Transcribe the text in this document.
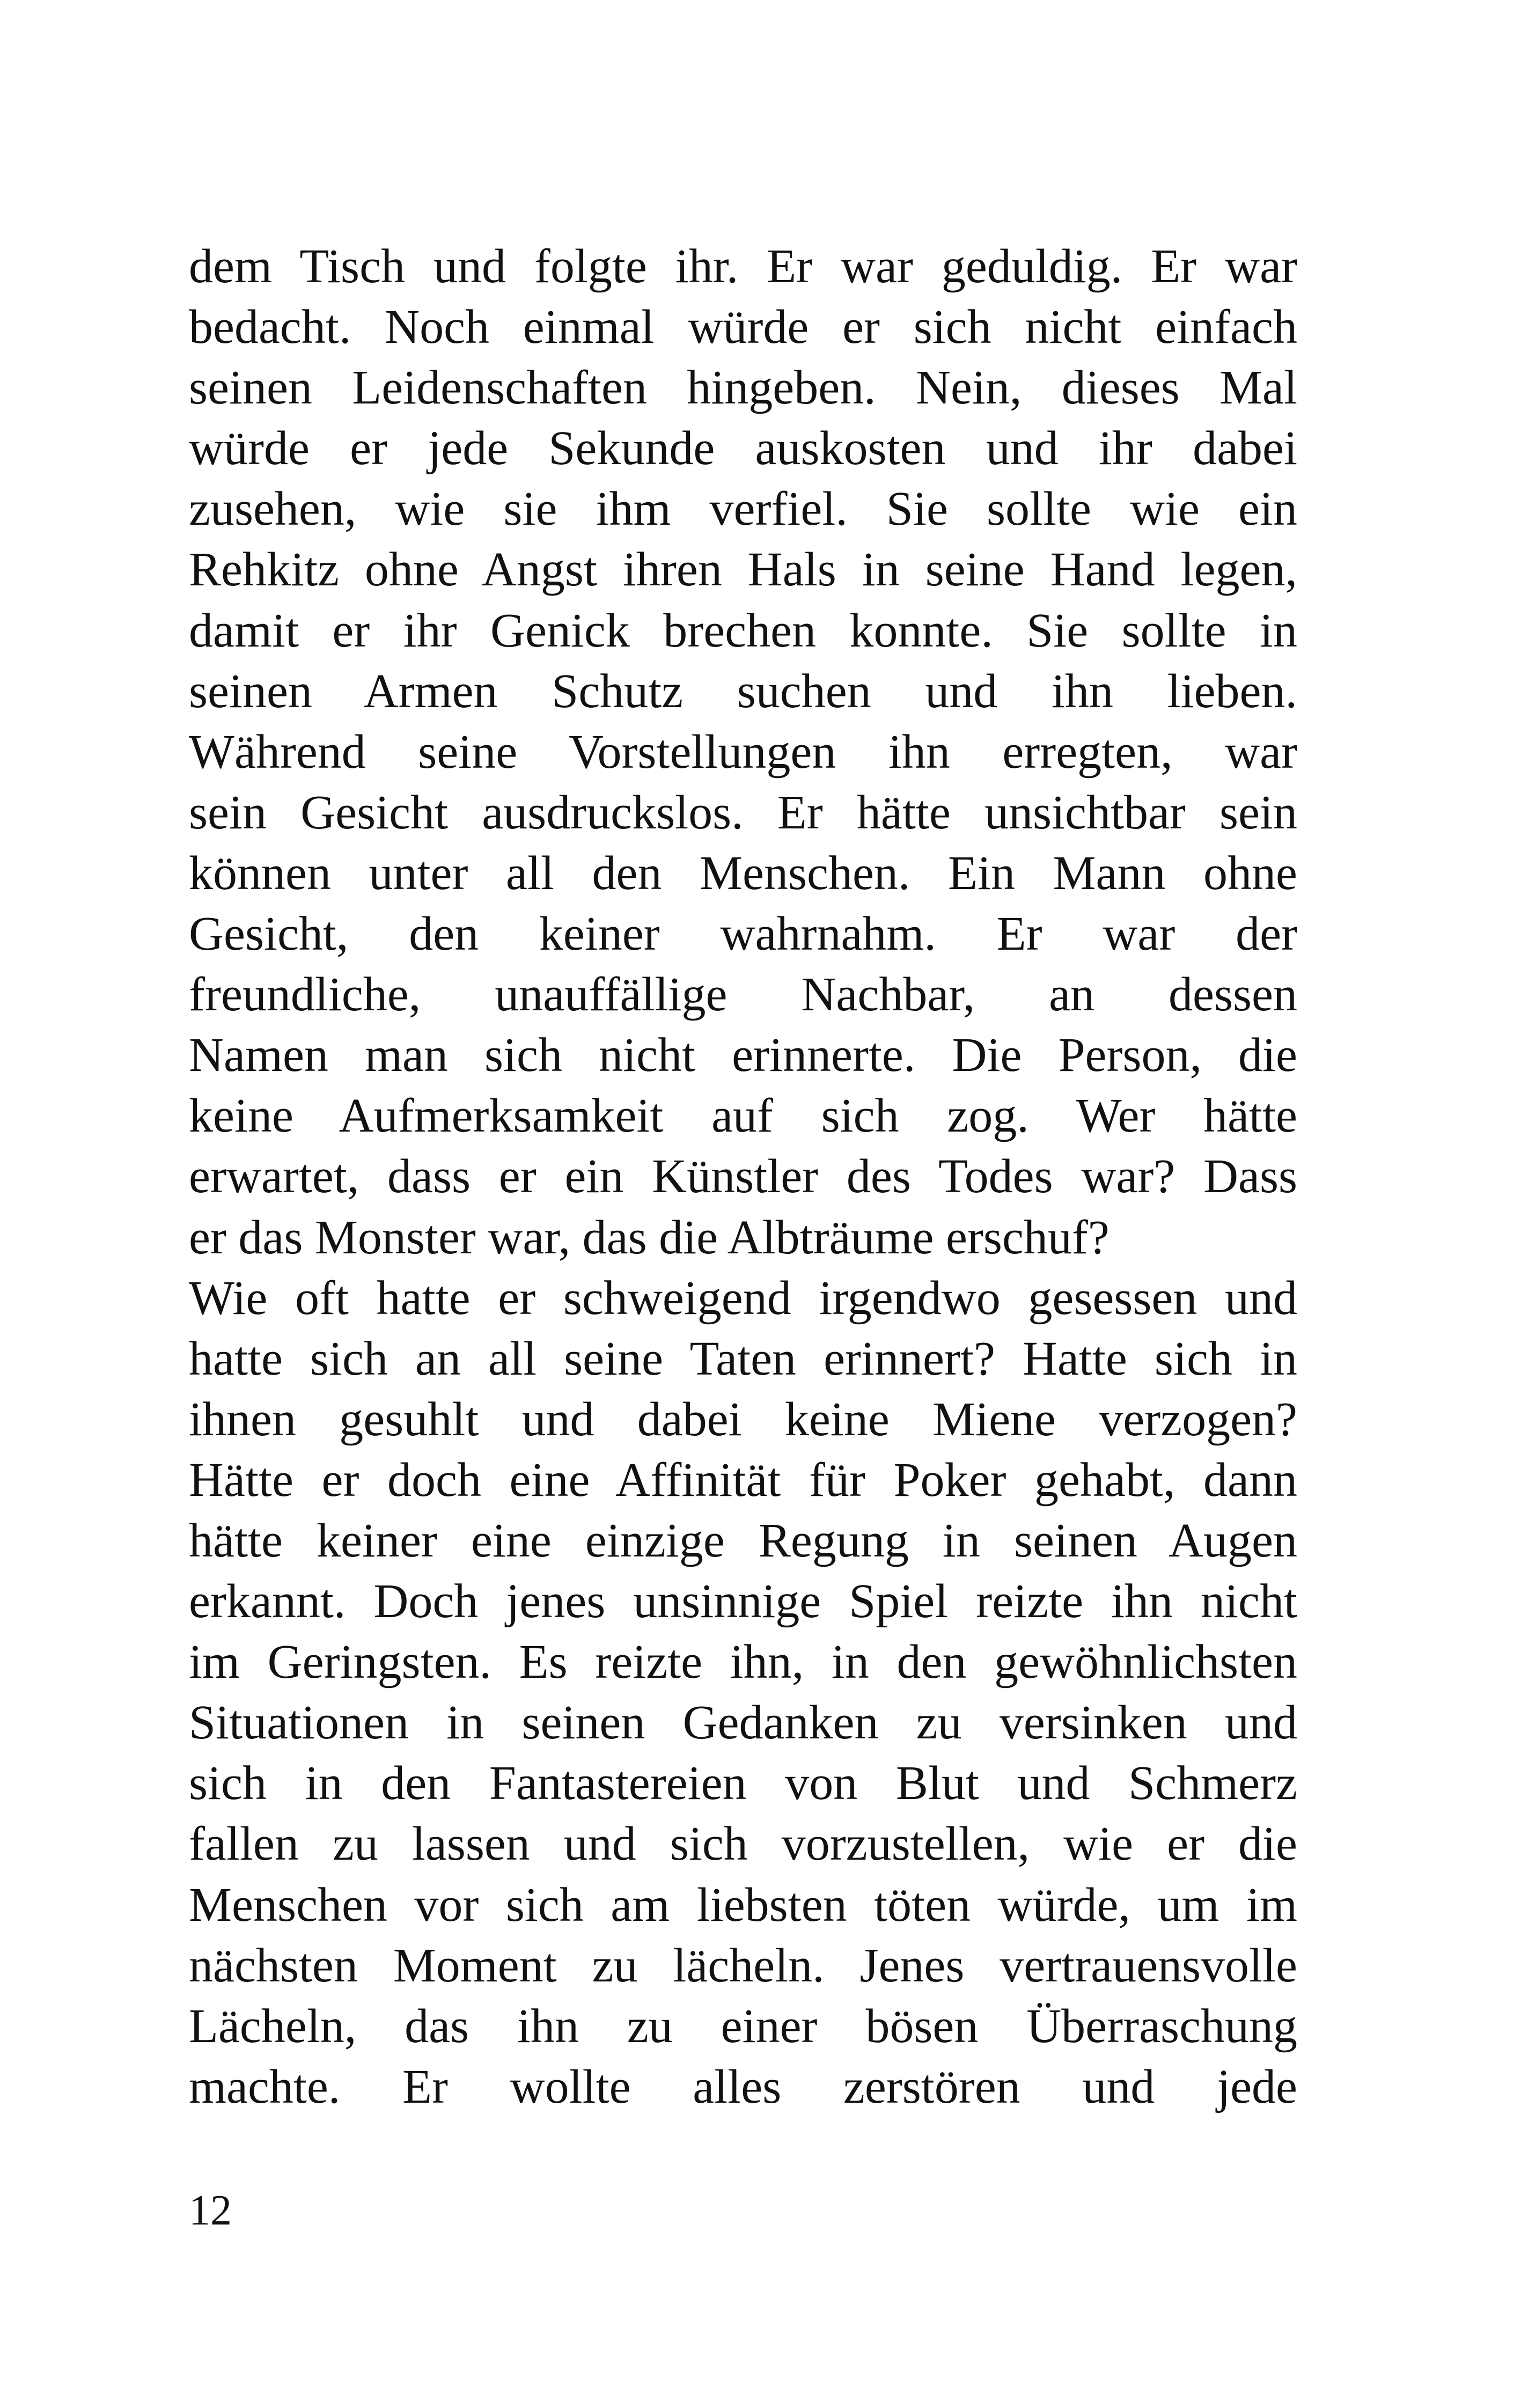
dem Tisch und folgte ihr. Er war geduldig. Er war
bedacht. Noch einmal würde er sich nicht einfach
seinen Leidenschaften hingeben. Nein, dieses Mal
würde er jede Sekunde auskosten und ihr dabei
zusehen, wie sie ihm verfiel. Sie sollte wie ein
Rehkitz ohne Angst ihren Hals in seine Hand legen,
damit er ihr Genick brechen konnte. Sie sollte in
seinen Armen Schutz suchen und ihn lieben.
Während seine Vorstellungen ihn erregten, war
sein Gesicht ausdruckslos. Er hätte unsichtbar sein
können unter all den Menschen. Ein Mann ohne
Gesicht, den keiner wahrnahm. Er war der
freundliche, unauffällige Nachbar, an dessen
Namen man sich nicht erinnerte. Die Person, die
keine Aufmerksamkeit auf sich zog. Wer hätte
erwartet, dass er ein Künstler des Todes war? Dass
er das Monster war, das die Albträume erschuf?
Wie oft hatte er schweigend irgendwo gesessen und
hatte sich an all seine Taten erinnert? Hatte sich in
ihnen gesuhlt und dabei keine Miene verzogen?
Hätte er doch eine Affinität für Poker gehabt, dann
hätte keiner eine einzige Regung in seinen Augen
erkannt. Doch jenes unsinnige Spiel reizte ihn nicht
im Geringsten. Es reizte ihn, in den gewöhnlichsten
Situationen in seinen Gedanken zu versinken und
sich in den Fantastereien von Blut und Schmerz
fallen zu lassen und sich vorzustellen, wie er die
Menschen vor sich am liebsten töten würde, um im
nächsten Moment zu lächeln. Jenes vertrauensvolle
Lächeln, das ihn zu einer bösen Überraschung
machte. Er wollte alles zerstören und jede
12
